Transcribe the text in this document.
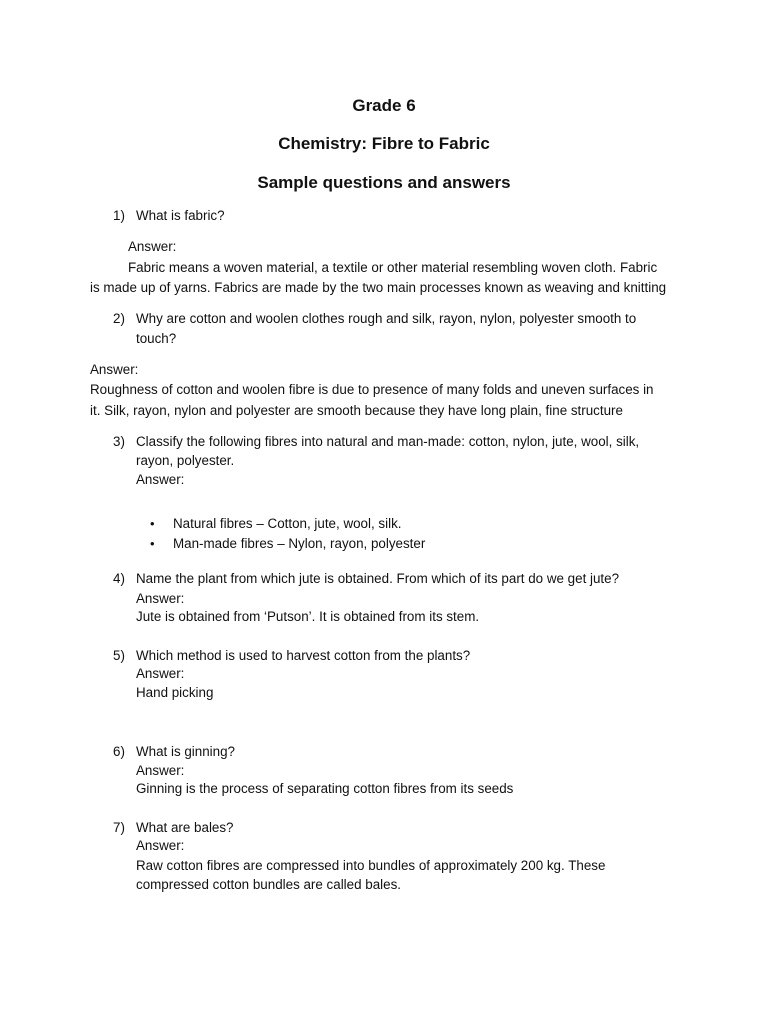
Grade 6
Chemistry: Fibre to Fabric
Sample questions and answers
1) What is fabric?

Answer:

Fabric means a woven material, a textile or other material resembling woven cloth. Fabric

is made up of yarns. Fabrics are made by the two main processes known as weaving and knitting

2) Why are cotton and woolen clothes rough and silk, rayon, nylon, polyester smooth to

touch?

Answer:

Roughness of cotton and woolen fibre is due to presence of many folds and uneven surfaces in

it. Silk, rayon, nylon and polyester are smooth because they have long plain, fine structure

3) Classify the following fibres into natural and man-made: cotton, nylon, jute, wool, silk,

rayon, polyester.

Answer:

• Natural fibres – Cotton, jute, wool, silk.

• Man-made fibres – Nylon, rayon, polyester

4) Name the plant from which jute is obtained. From which of its part do we get jute?

Answer:

Jute is obtained from ‘Putson’. It is obtained from its stem.

5) Which method is used to harvest cotton from the plants?

Answer:

Hand picking

6) What is ginning?

Answer:

Ginning is the process of separating cotton fibres from its seeds

7) What are bales?

Answer:

Raw cotton fibres are compressed into bundles of approximately 200 kg. These

compressed cotton bundles are called bales.
